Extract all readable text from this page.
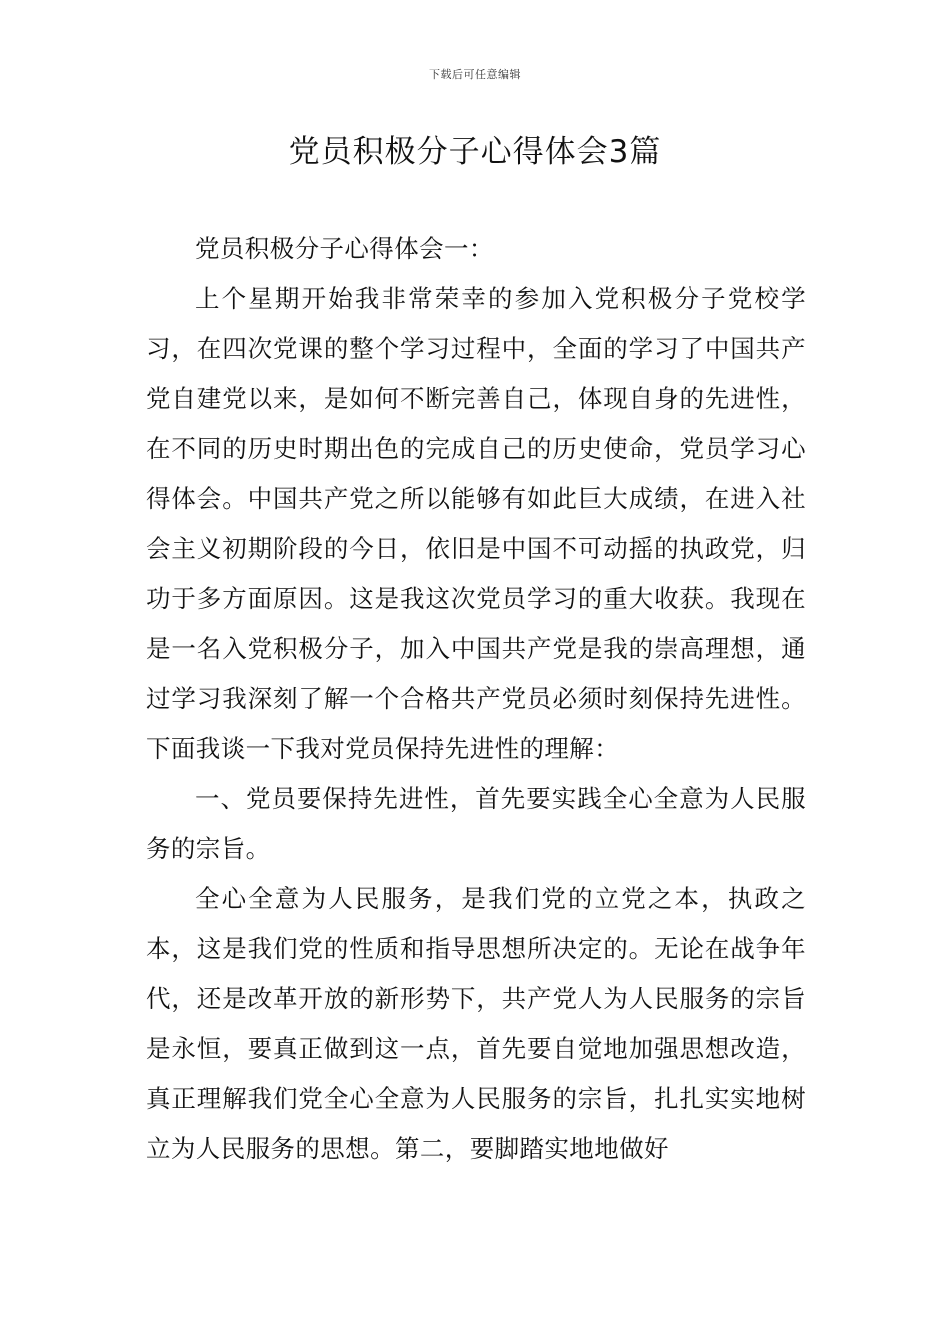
下载后可任意编辑
党员积极分子心得体会3篇

党员积极分子心得体会一：

上个星期开始我非常荣幸的参加入党积极分子党校学习，在四次党课的整个学习过程中，全面的学习了中国共产党自建党以来，是如何不断完善自己，体现自身的先进性，在不同的历史时期出色的完成自己的历史使命，党员学习心得体会。中国共产党之所以能够有如此巨大成绩，在进入社会主义初期阶段的今日，依旧是中国不可动摇的执政党，归功于多方面原因。这是我这次党员学习的重大收获。我现在是一名入党积极分子，加入中国共产党是我的崇高理想，通过学习我深刻了解一个合格共产党员必须时刻保持先进性。下面我谈一下我对党员保持先进性的理解：

一、党员要保持先进性，首先要实践全心全意为人民服务的宗旨。

全心全意为人民服务，是我们党的立党之本，执政之本，这是我们党的性质和指导思想所决定的。无论在战争年代，还是改革开放的新形势下，共产党人为人民服务的宗旨是永恒，要真正做到这一点，首先要自觉地加强思想改造，真正理解我们党全心全意为人民服务的宗旨，扎扎实实地树立为人民服务的思想。第二，要脚踏实地地做好
